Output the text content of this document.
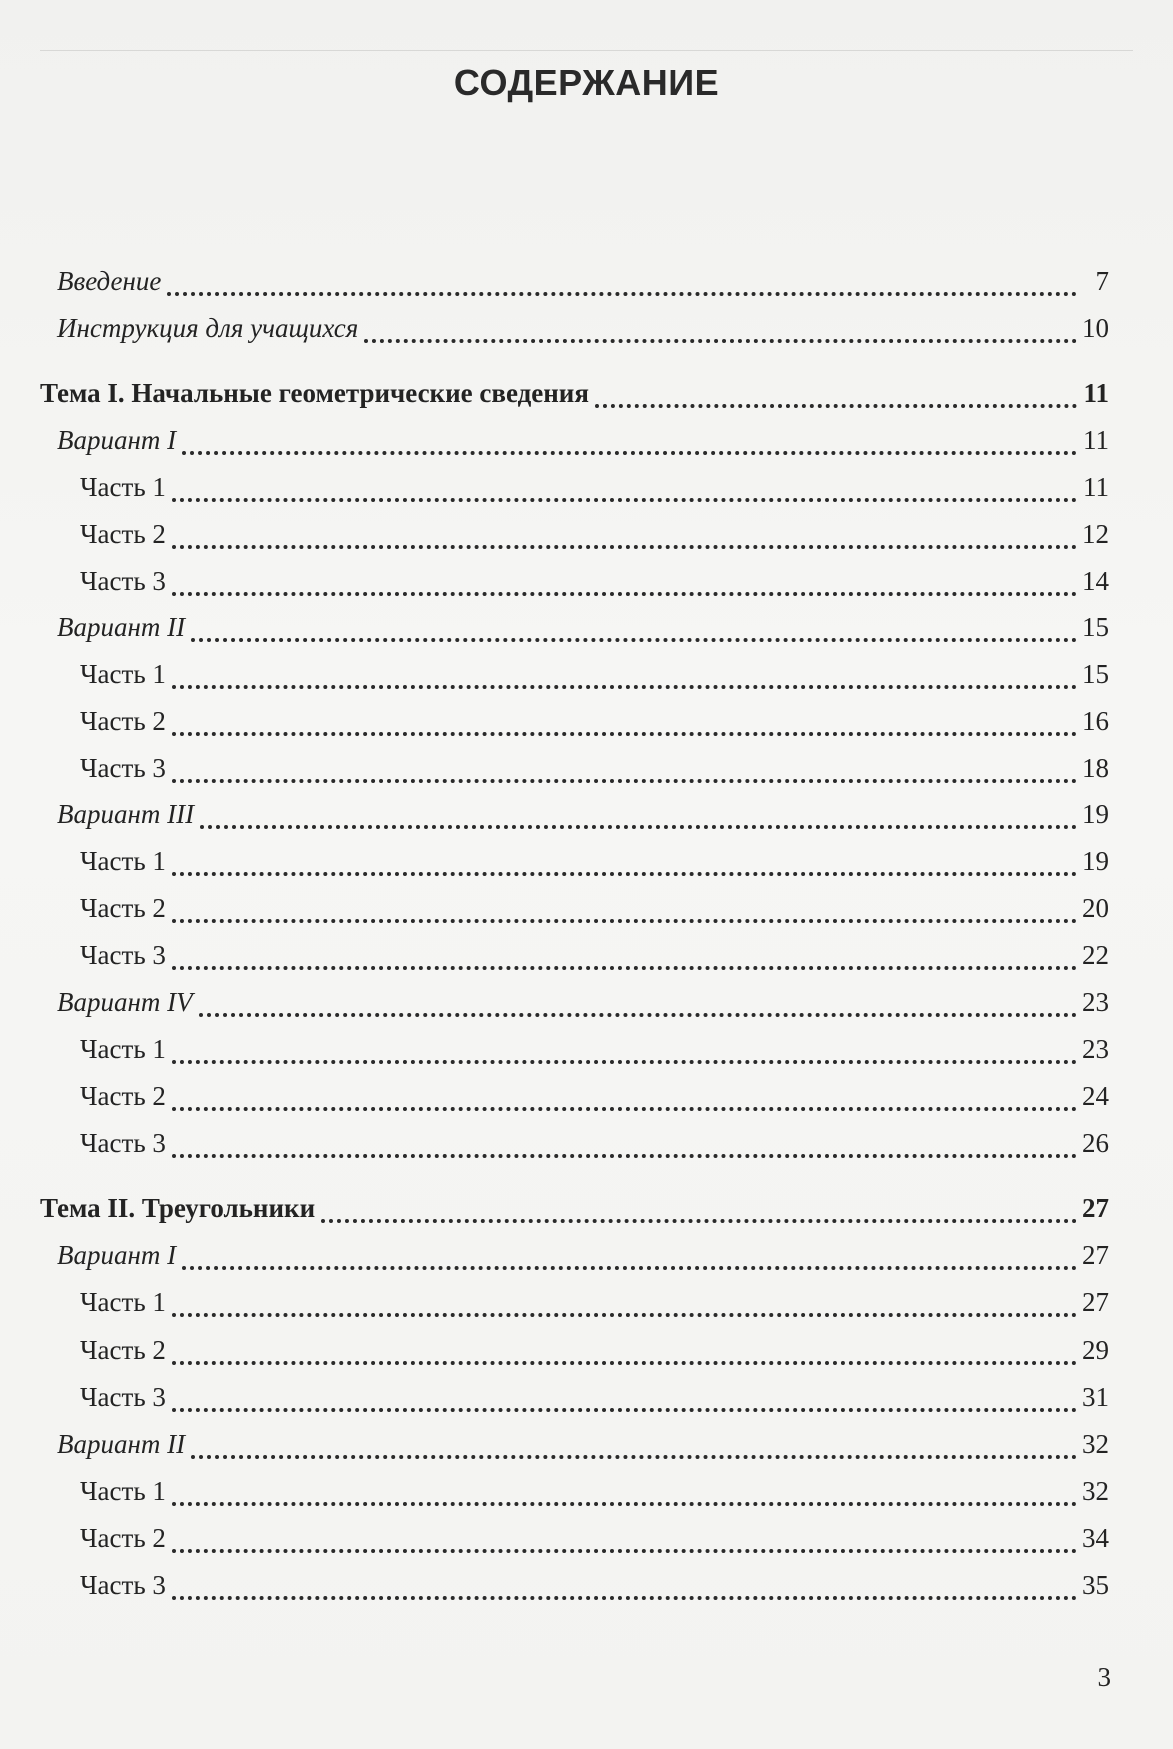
СОДЕРЖАНИЕ
Введение	7
Инструкция для учащихся	10
Тема I. Начальные геометрические сведения	11
Вариант I	11
Часть 1	11
Часть 2	12
Часть 3	14
Вариант II	15
Часть 1	15
Часть 2	16
Часть 3	18
Вариант III	19
Часть 1	19
Часть 2	20
Часть 3	22
Вариант IV	23
Часть 1	23
Часть 2	24
Часть 3	26
Тема II. Треугольники	27
Вариант I	27
Часть 1	27
Часть 2	29
Часть 3	31
Вариант II	32
Часть 1	32
Часть 2	34
Часть 3	35
3
